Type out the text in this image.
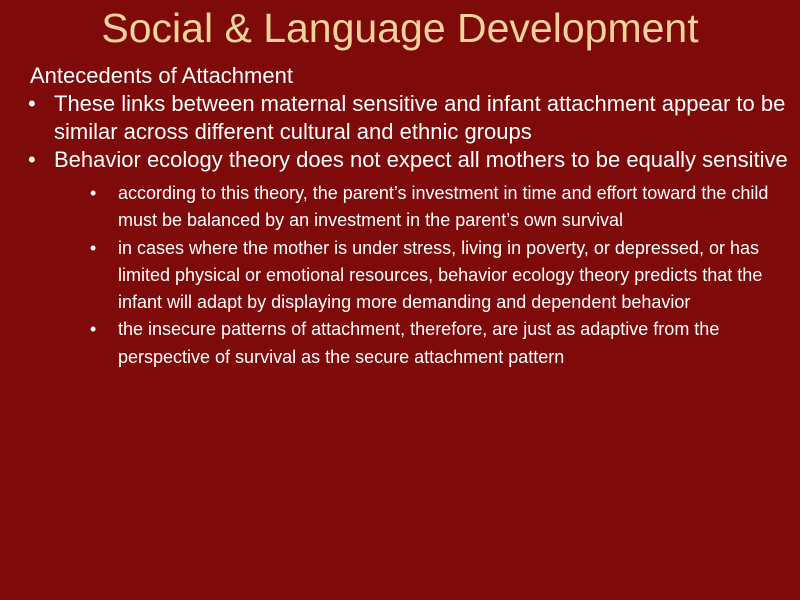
Social & Language Development

Antecedents of Attachment

• These links between maternal sensitive and infant attachment appear to be similar across different cultural and ethnic groups
• Behavior ecology theory does not expect all mothers to be equally sensitive
• according to this theory, the parent’s investment in time and effort toward the child must be balanced by an investment in the parent’s own survival
• in cases where the mother is under stress, living in poverty, or depressed, or has limited physical or emotional resources, behavior ecology theory predicts that the infant will adapt by displaying more demanding and dependent behavior
• the insecure patterns of attachment, therefore, are just as adaptive from the perspective of survival as the secure attachment pattern
